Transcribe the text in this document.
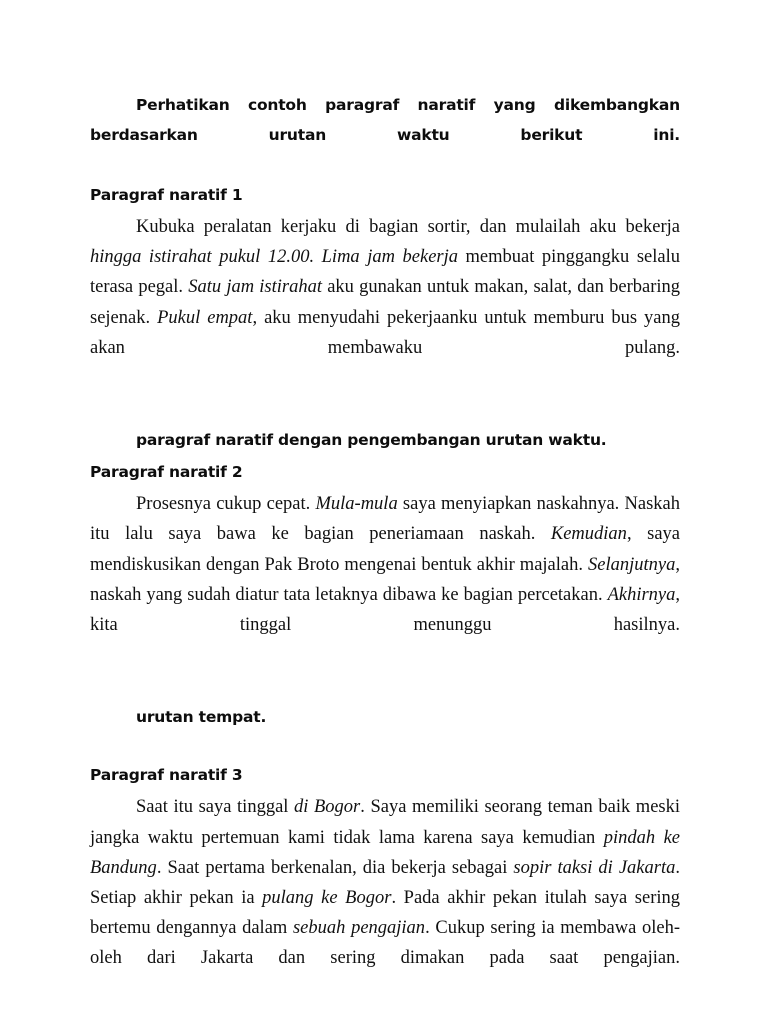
Perhatikan contoh paragraf naratif yang dikembangkan berdasarkan urutan waktu berikut ini.

Paragraf naratif 1

Kubuka peralatan kerjaku di bagian sortir, dan mulailah aku bekerja hingga istirahat pukul 12.00. Lima jam bekerja membuat pinggangku selalu terasa pegal. Satu jam istirahat aku gunakan untuk makan, salat, dan berbaring sejenak. Pukul empat, aku menyudahi pekerjaanku untuk memburu bus yang akan membawaku pulang.

paragraf naratif dengan pengembangan urutan waktu.

Paragraf naratif 2

Prosesnya cukup cepat. Mula-mula saya menyiapkan naskahnya. Naskah itu lalu saya bawa ke bagian peneriamaan naskah. Kemudian, saya mendiskusikan dengan Pak Broto mengenai bentuk akhir majalah. Selanjutnya, naskah yang sudah diatur tata letaknya dibawa ke bagian percetakan. Akhirnya, kita tinggal menunggu hasilnya.

urutan tempat.

Paragraf naratif 3

Saat itu saya tinggal di Bogor. Saya memiliki seorang teman baik meski jangka waktu pertemuan kami tidak lama karena saya kemudian pindah ke Bandung. Saat pertama berkenalan, dia bekerja sebagai sopir taksi di Jakarta. Setiap akhir pekan ia pulang ke Bogor. Pada akhir pekan itulah saya sering bertemu dengannya dalam sebuah pengajian. Cukup sering ia membawa oleh-oleh dari Jakarta dan sering dimakan pada saat pengajian.
